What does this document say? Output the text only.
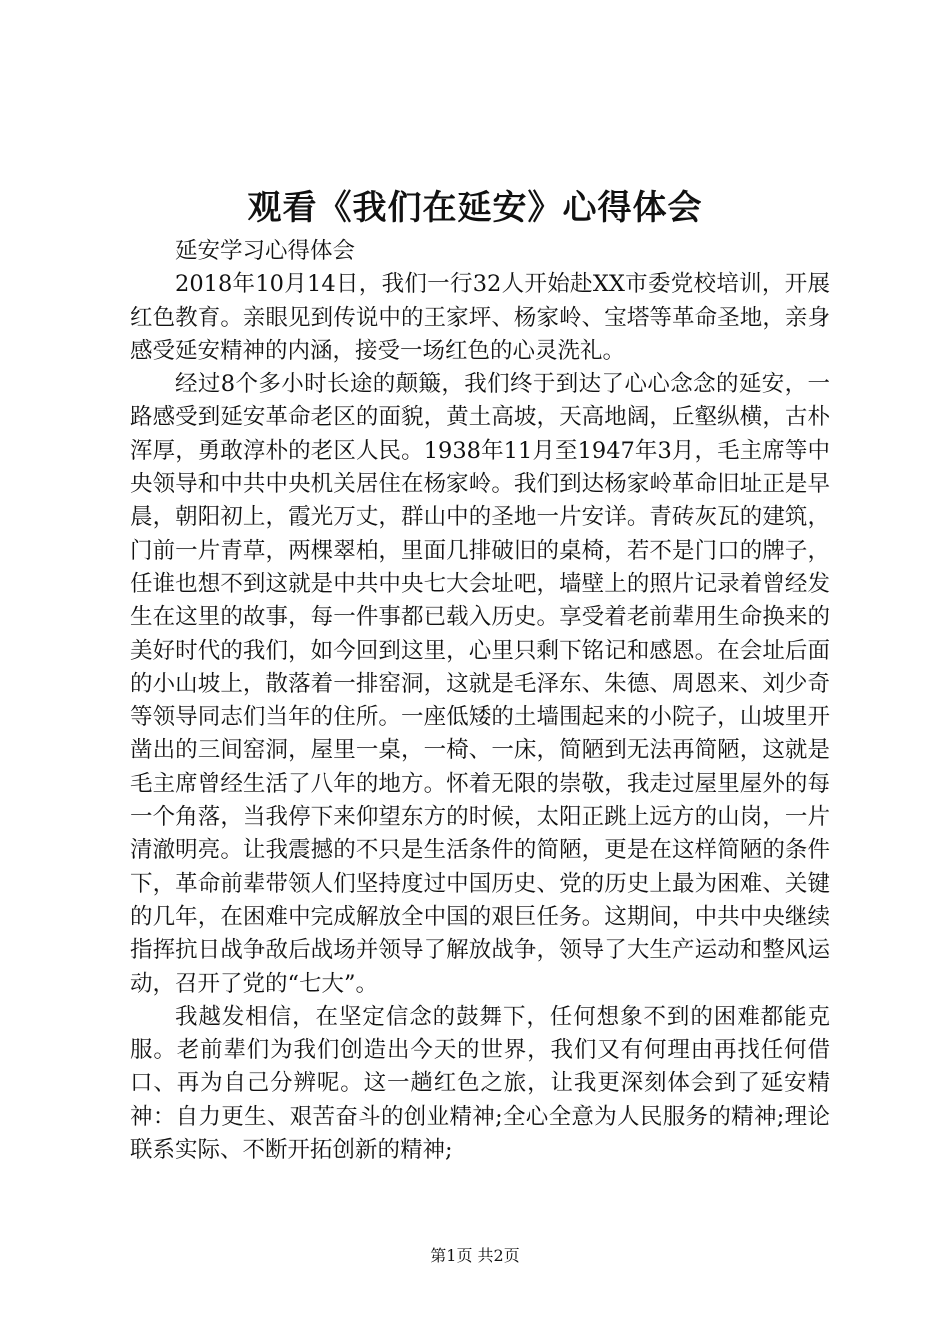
观看《我们在延安》心得体会

延安学习心得体会

2018年10月14日，我们一行32人开始赴XX市委党校培训，开展红色教育。亲眼见到传说中的王家坪、杨家岭、宝塔等革命圣地，亲身感受延安精神的内涵，接受一场红色的心灵洗礼。

经过8个多小时长途的颠簸，我们终于到达了心心念念的延安，一路感受到延安革命老区的面貌，黄土高坡，天高地阔，丘壑纵横，古朴浑厚，勇敢淳朴的老区人民。1938年11月至1947年3月，毛主席等中央领导和中共中央机关居住在杨家岭。我们到达杨家岭革命旧址正是早晨，朝阳初上，霞光万丈，群山中的圣地一片安详。青砖灰瓦的建筑，门前一片青草，两棵翠柏，里面几排破旧的桌椅，若不是门口的牌子，任谁也想不到这就是中共中央七大会址吧，墙壁上的照片记录着曾经发生在这里的故事，每一件事都已载入历史。享受着老前辈用生命换来的美好时代的我们，如今回到这里，心里只剩下铭记和感恩。在会址后面的小山坡上，散落着一排窑洞，这就是毛泽东、朱德、周恩来、刘少奇等领导同志们当年的住所。一座低矮的土墙围起来的小院子，山坡里开凿出的三间窑洞，屋里一桌，一椅、一床，简陋到无法再简陋，这就是毛主席曾经生活了八年的地方。怀着无限的崇敬，我走过屋里屋外的每一个角落，当我停下来仰望东方的时候，太阳正跳上远方的山岗，一片清澈明亮。让我震撼的不只是生活条件的简陋，更是在这样简陋的条件下，革命前辈带领人们坚持度过中国历史、党的历史上最为困难、关键的几年，在困难中完成解放全中国的艰巨任务。这期间，中共中央继续指挥抗日战争敌后战场并领导了解放战争，领导了大生产运动和整风运动，召开了党的“七大”。

我越发相信，在坚定信念的鼓舞下，任何想象不到的困难都能克服。老前辈们为我们创造出今天的世界，我们又有何理由再找任何借口、再为自己分辨呢。这一趟红色之旅，让我更深刻体会到了延安精神：自力更生、艰苦奋斗的创业精神;全心全意为人民服务的精神;理论联系实际、不断开拓创新的精神;

第1页 共2页
